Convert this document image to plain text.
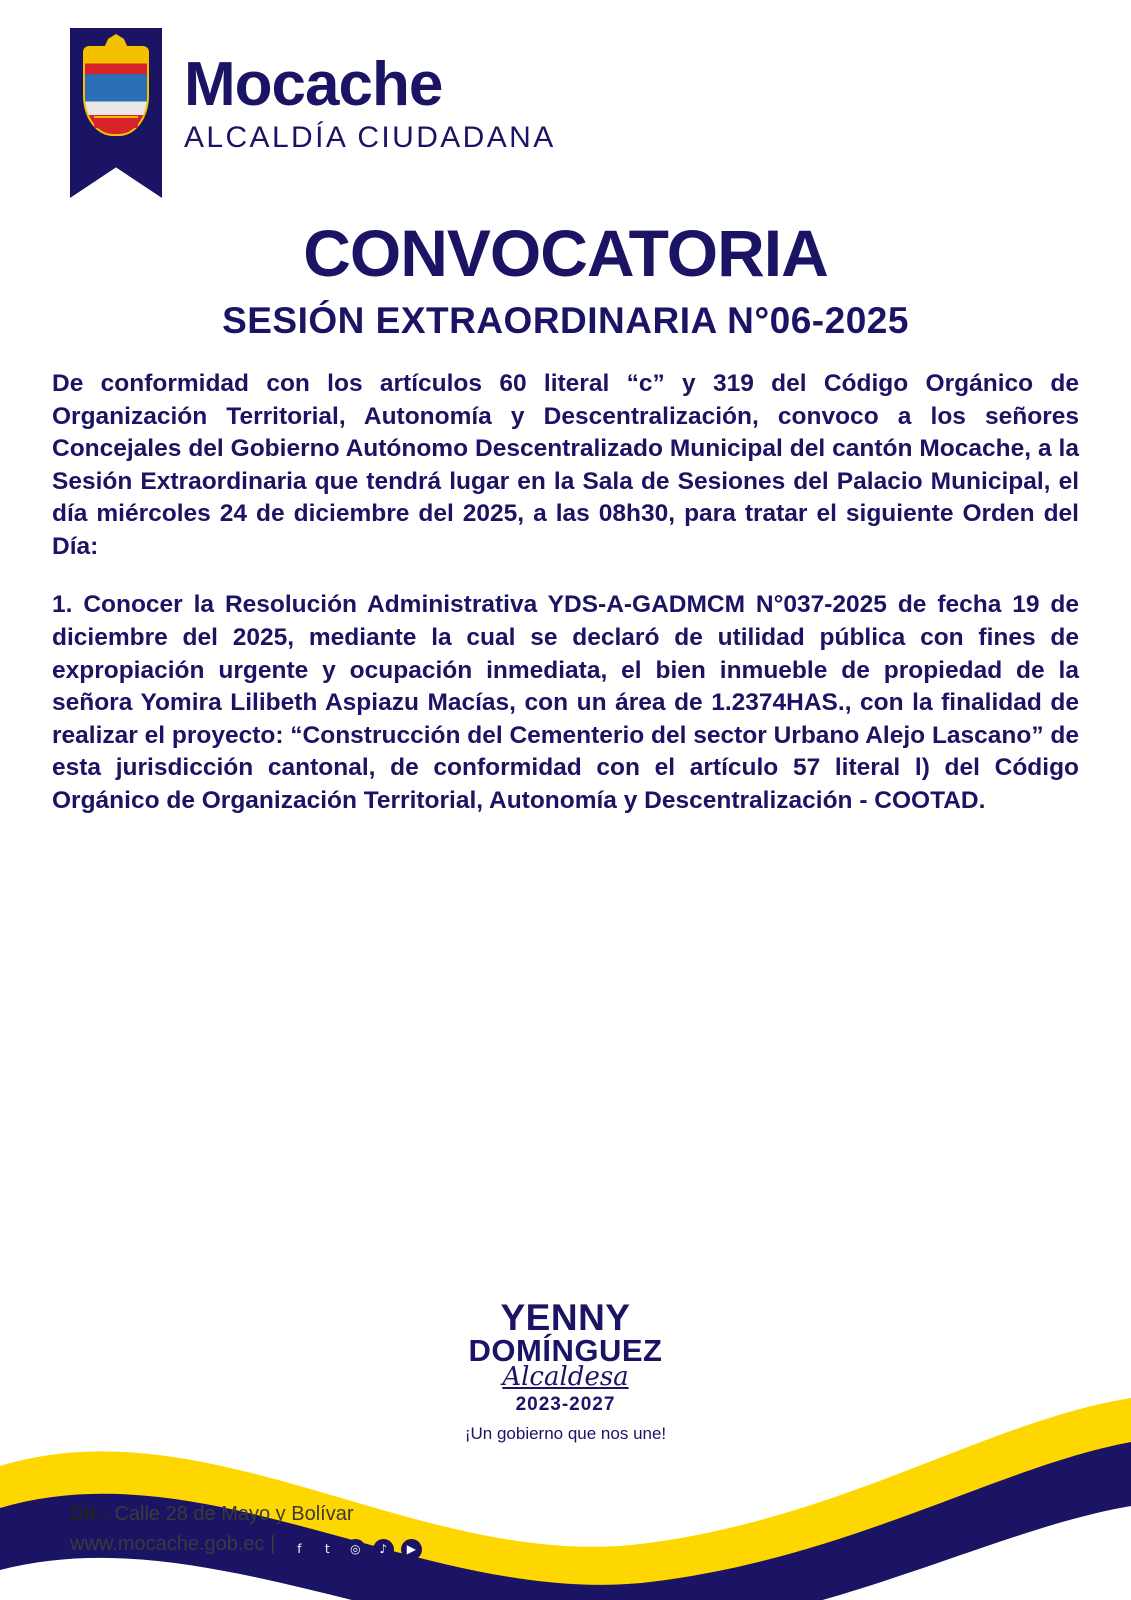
Mocache
ALCALDÍA CIUDADANA
CONVOCATORIA
SESIÓN EXTRAORDINARIA N°06-2025

De conformidad con los artículos 60 literal “c” y 319 del Código Orgánico de Organización Territorial, Autonomía y Descentralización, convoco a los señores Concejales del Gobierno Autónomo Descentralizado Municipal del cantón Mocache, a la Sesión Extraordinaria que tendrá lugar en la Sala de Sesiones del Palacio Municipal, el día miércoles 24 de diciembre del 2025, a las 08h30, para tratar el siguiente Orden del Día:

1. Conocer la Resolución Administrativa YDS-A-GADMCM N°037-2025 de fecha 19 de diciembre del 2025, mediante la cual se declaró de utilidad pública con fines de expropiación urgente y ocupación inmediata, el bien inmueble de propiedad de la señora Yomira Lilibeth Aspiazu Macías, con un área de 1.2374HAS., con la finalidad de realizar el proyecto: “Construcción del Cementerio del sector Urbano Alejo Lascano” de esta jurisdicción cantonal, de conformidad con el artículo 57 literal l) del Código Orgánico de Organización Territorial, Autonomía y Descentralización - COOTAD.

YENNY
DOMÍNGUEZ
Alcaldesa
2023-2027
¡Un gobierno que nos une!
Dir.: Calle 28 de Mayo y Bolívar
www.mocache.gob.ec |	f	t	◎	♪	▶
